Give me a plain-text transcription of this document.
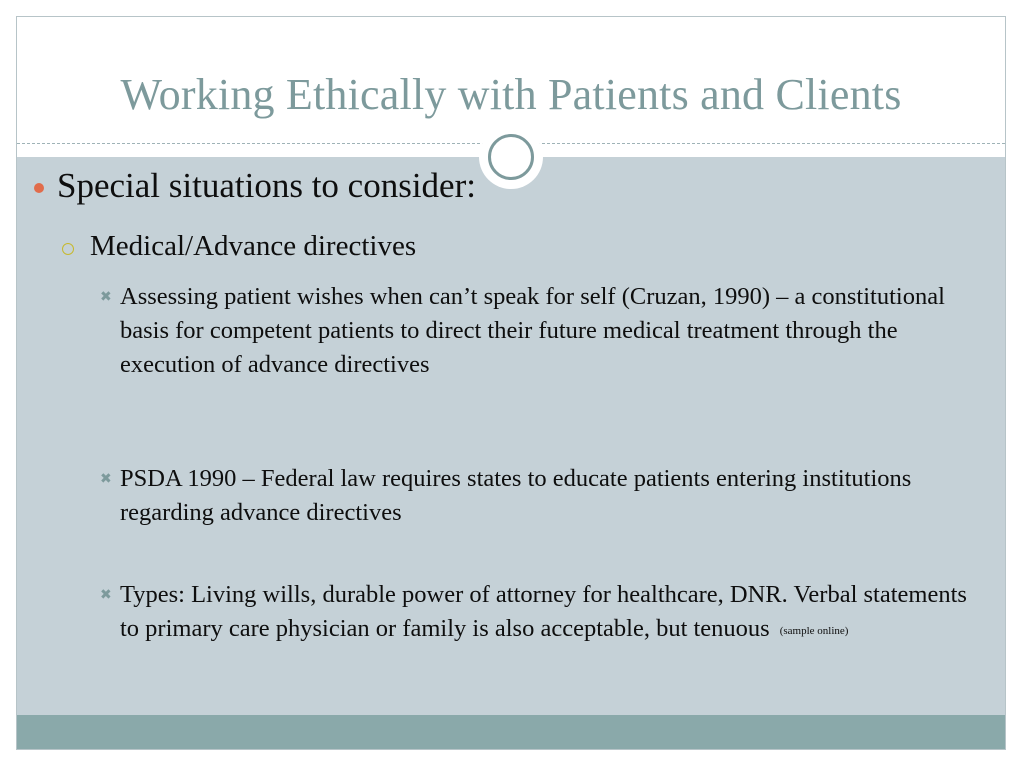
Working Ethically with Patients and Clients
Special situations to consider:
Medical/Advance directives
✖ Assessing patient wishes when can’t speak for self (Cruzan, 1990) – a constitutional basis for competent patients to direct their future medical treatment through the execution of advance directives
✖ PSDA 1990 – Federal law requires states to educate patients entering institutions regarding advance directives
✖ Types: Living wills, durable power of attorney for healthcare, DNR. Verbal statements to primary care physician or family is also acceptable, but tenuous (sample online)
